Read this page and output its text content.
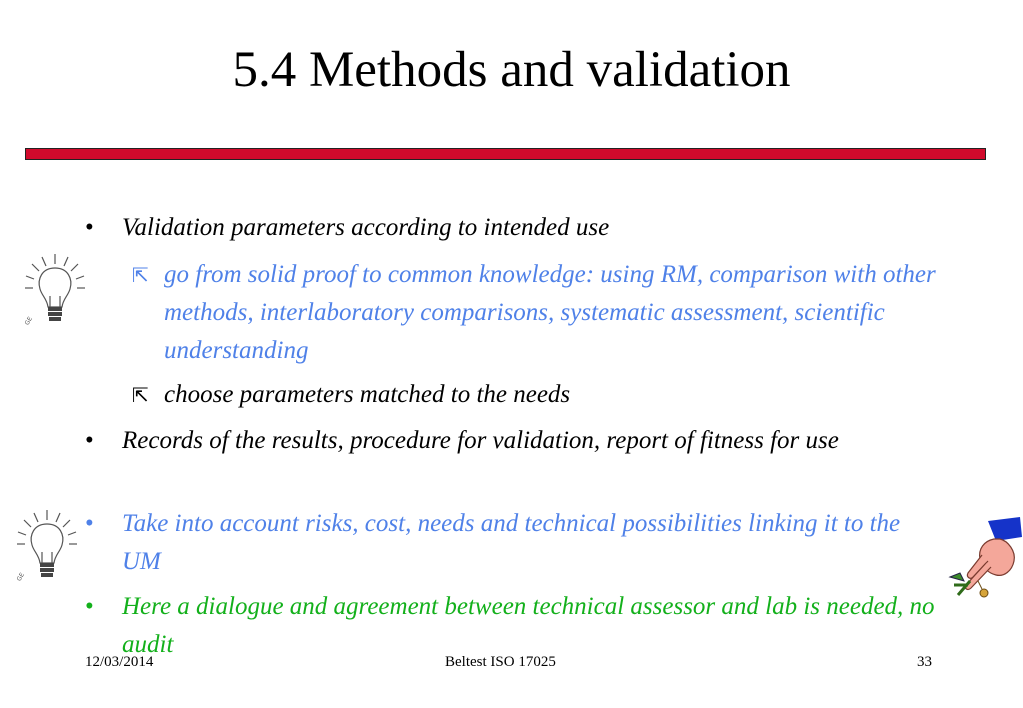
5.4 Methods and validation
GE
GE
• Validation parameters according to intended use
⇱ go from solid proof to common knowledge: using RM, comparison with other methods, interlaboratory comparisons, systematic assessment, scientific understanding
⇱ choose parameters matched to the needs
• Records of the results, procedure for validation, report of fitness for use
• Take into account risks, cost, needs and technical possibilities linking it to the UM
• Here a dialogue and agreement between technical assessor and lab is needed, no audit
12/03/2014	Beltest ISO 17025	33
